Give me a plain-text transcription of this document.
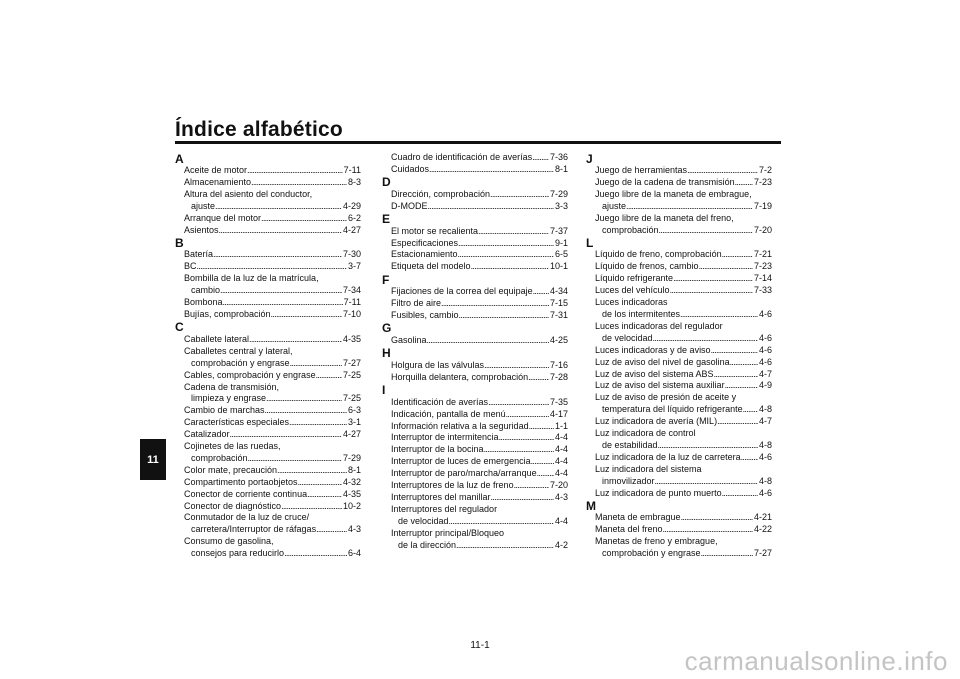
Índice alfabético
11
A
Aceite de motor . . .	7-11
Almacenamiento . . .	8-3
Altura del asiento del conductor,
ajuste . . .	4-29
Arranque del motor . . .	6-2
Asientos . . .	4-27
B
Batería . . .	7-30
BC . . .	3-7
Bombilla de la luz de la matrícula,
cambio . . .	7-34
Bombona . . .	7-11
Bujías, comprobación . . .	7-10
C
Caballete lateral . . .	4-35
Caballetes central y lateral,
comprobación y engrase . . .	7-27
Cables, comprobación y engrase . . .	7-25
Cadena de transmisión,
limpieza y engrase . . .	7-25
Cambio de marchas . . .	6-3
Características especiales . . .	3-1
Catalizador . . .	4-27
Cojinetes de las ruedas,
comprobación . . .	7-29
Color mate, precaución . . .	8-1
Compartimento portaobjetos . . .	4-32
Conector de corriente continua . . .	4-35
Conector de diagnóstico . . .	10-2
Conmutador de la luz de cruce/
carretera/Interruptor de ráfagas . . .	4-3
Consumo de gasolina,
consejos para reducirlo . . .	6-4
Cuadro de identificación de averías . . . 7-36
Cuidados . . .	8-1
D
Dirección, comprobación . . .	7-29
D-MODE . . .	3-3
E
El motor se recalienta . . .	7-37
Especificaciones . . .	9-1
Estacionamiento . . .	6-5
Etiqueta del modelo . . .	10-1
F
Fijaciones de la correa del equipaje . . . 4-34
Filtro de aire . . .	7-15
Fusibles, cambio . . .	7-31
G
Gasolina . . .	4-25
H
Holgura de las válvulas . . .	7-16
Horquilla delantera, comprobación . . . 7-28
I
Identificación de averías . . .	7-35
Indicación, pantalla de menú . . .	4-17
Información relativa a la seguridad . . .	1-1
Interruptor de intermitencia . . .	4-4
Interruptor de la bocina . . .	4-4
Interruptor de luces de emergencia . . .	4-4
Interruptor de paro/marcha/arranque . . . 4-4
Interruptores de la luz de freno . . .	7-20
Interruptores del manillar . . .	4-3
Interruptores del regulador
de velocidad . . .	4-4
Interruptor principal/Bloqueo
de la dirección . . .	4-2
J
Juego de herramientas . . .	7-2
Juego de la cadena de transmisión . . . 7-23
Juego libre de la maneta de embrague,
ajuste . . .	7-19
Juego libre de la maneta del freno,
comprobación . . .	7-20
L
Líquido de freno, comprobación . . .	7-21
Líquido de frenos, cambio . . .	7-23
Líquido refrigerante . . .	7-14
Luces del vehículo . . .	7-33
Luces indicadoras
de los intermitentes . . .	4-6
Luces indicadoras del regulador
de velocidad . . .	4-6
Luces indicadoras y de aviso . . .	4-6
Luz de aviso del nivel de gasolina . . .	4-6
Luz de aviso del sistema ABS . . .	4-7
Luz de aviso del sistema auxiliar . . .	4-9
Luz de aviso de presión de aceite y
temperatura del líquido refrigerante . . . 4-8
Luz indicadora de avería (MIL) . . .	4-7
Luz indicadora de control
de estabilidad . . .	4-8
Luz indicadora de la luz de carretera . . . 4-6
Luz indicadora del sistema
inmovilizador . . .	4-8
Luz indicadora de punto muerto . . .	4-6
M
Maneta de embrague . . .	4-21
Maneta del freno . . .	4-22
Manetas de freno y embrague,
comprobación y engrase . . .	7-27
11-1
carmanualsonline.info
